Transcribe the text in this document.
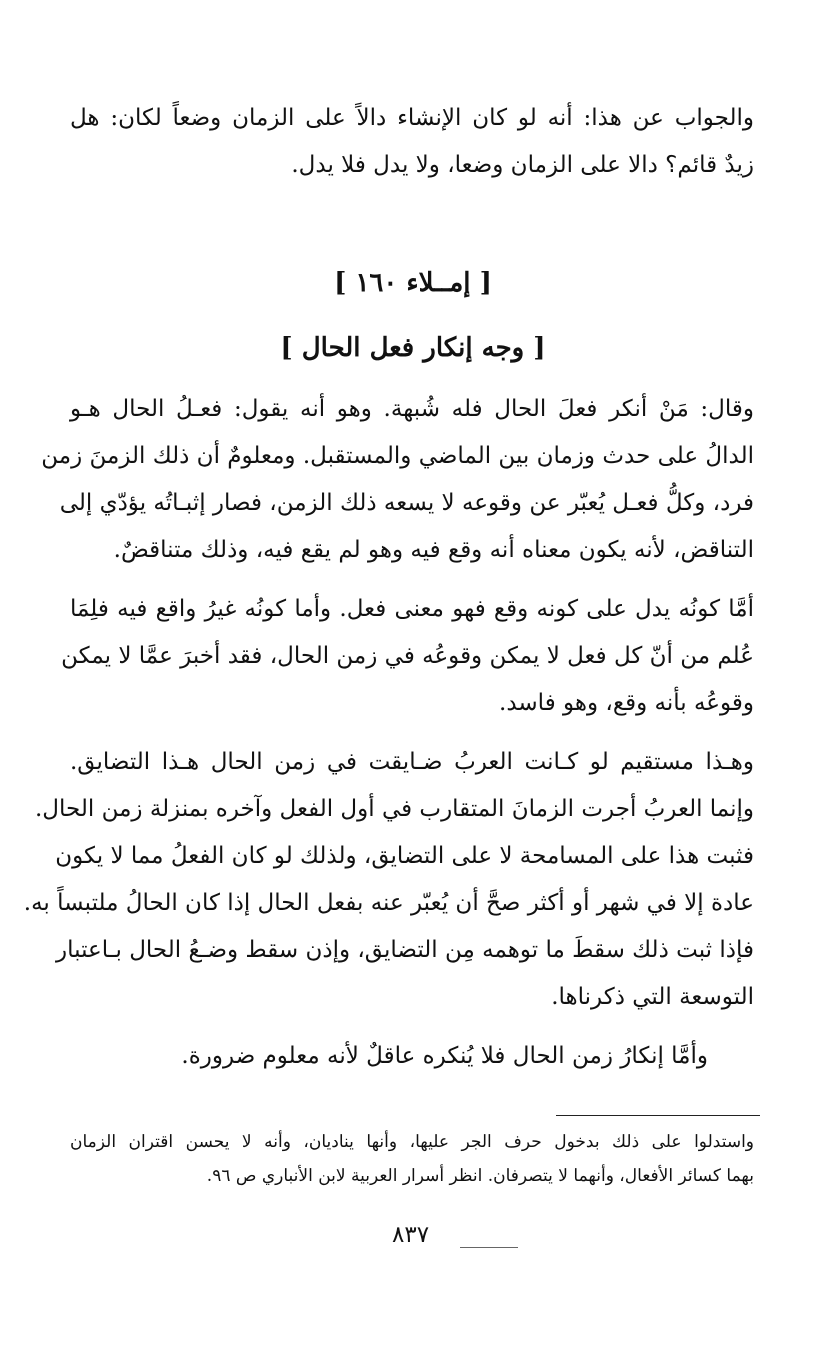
والجواب عن هذا: أنه لو كان الإنشاء دالاً على الزمان وضعاً لكان: هل
زيدٌ قائم؟ دالا على الزمان وضعا، ولا يدل فلا يدل.
[ إمــلاء ١٦٠ ]
[ وجه إنكار فعل الحال ]
وقال: مَنْ أنكر فعلَ الحال فله شُبهة. وهو أنه يقول: فعـلُ الحال هـو
الدالُ على حدث وزمان بين الماضي والمستقبل. ومعلومٌ أن ذلك الزمنَ زمن
فرد، وكلُّ فعـل يُعبّر عن وقوعه لا يسعه ذلك الزمن، فصار إثبـاتُه يؤدّي إلى
التناقض، لأنه يكون معناه أنه وقع فيه وهو لم يقع فيه، وذلك متناقضٌ.
أمَّا كونُه يدل على كونه وقع فهو معنى فعل. وأما كونُه غيرُ واقع فيه فلِمَا
عُلم من أنّ كل فعل لا يمكن وقوعُه في زمن الحال، فقد أخبرَ عمَّا لا يمكن
وقوعُه بأنه وقع، وهو فاسد.
وهـذا مستقيم لو كـانت العربُ ضـايقت في زمن الحال هـذا التضايق.
وإنما العربُ أجرت الزمانَ المتقارب في أول الفعل وآخره بمنزلة زمن الحال.
فثبت هذا على المسامحة لا على التضايق، ولذلك لو كان الفعلُ مما لا يكون
عادة إلا في شهر أو أكثر صحَّ أن يُعبّر عنه بفعل الحال إذا كان الحالُ ملتبساً به.
فإذا ثبت ذلك سقطَ ما توهمه مِن التضايق، وإذن سقط وضـعُ الحال بـاعتبار
التوسعة التي ذكرناها.
وأمَّا إنكارُ زمن الحال فلا يُنكره عاقلٌ لأنه معلوم ضرورة.
واستدلوا على ذلك بدخول حرف الجر عليها، وأنها يناديان، وأنه لا يحسن اقتران الزمان
بهما كسائر الأفعال، وأنهما لا يتصرفان. انظر أسرار العربية لابن الأنباري ص ٩٦.
٨٣٧
